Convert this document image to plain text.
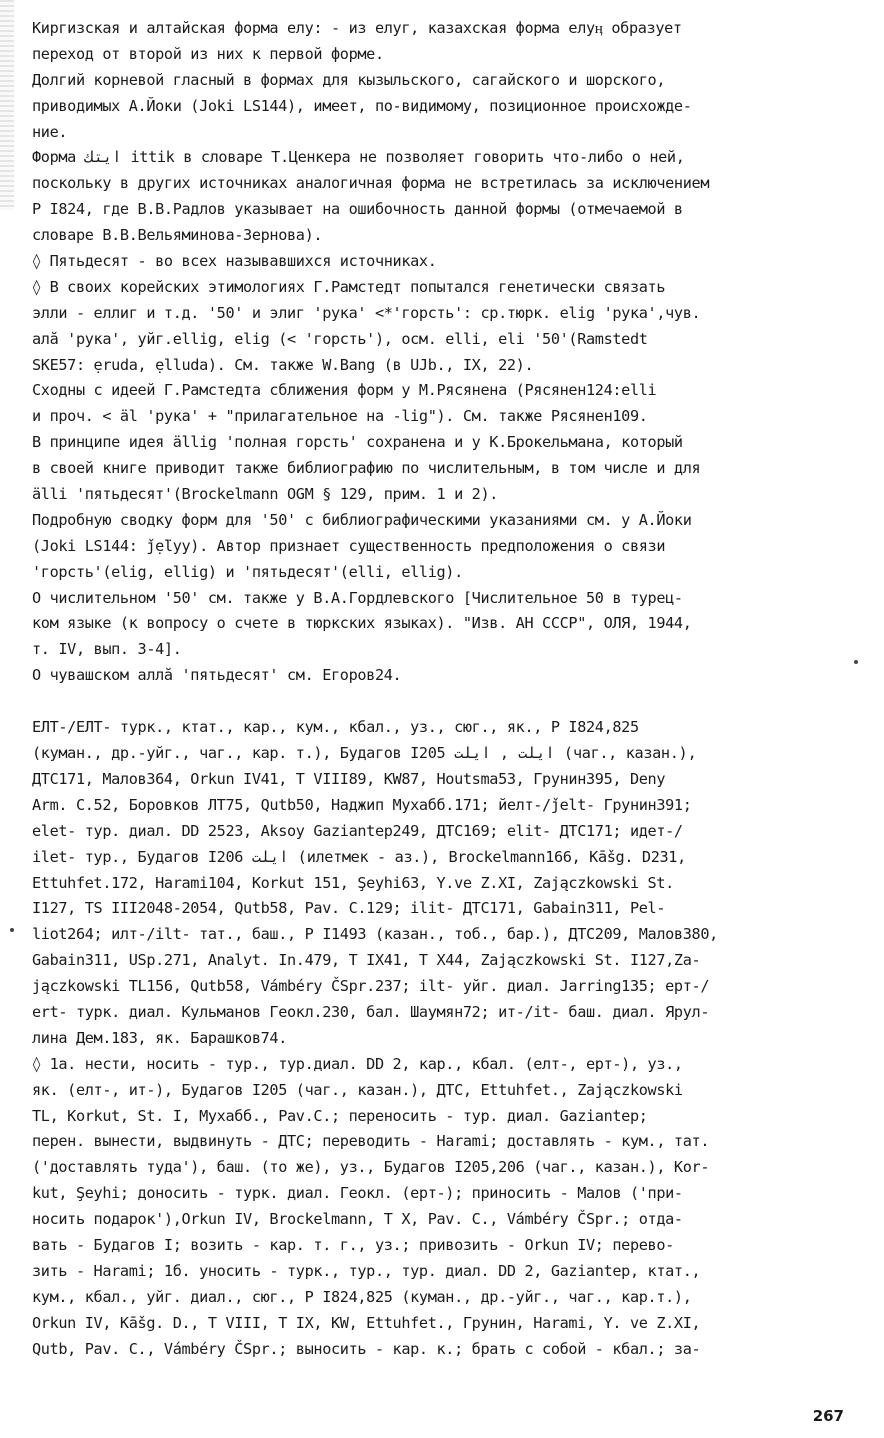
Киргизская и алтайская форма елу: - из елуг, казахская форма елуӊ образует
переход от второй из них к первой форме.
Долгий корневой гласный в формах для кызыльского, сагайского и шорского,
приводимых А.Йоки (Joki LS144), имеет, по-видимому, позиционное происхожде-
ние.
Форма ايتك ittik в словаре Т.Ценкера не позволяет говорить что-либо о ней,
поскольку в других источниках аналогичная форма не встретилась за исключением
Р I824, где В.В.Радлов указывает на ошибочность данной формы (отмечаемой в
словаре В.В.Вельяминова-Зернова).
◊ Пятьдесят - во всех называвшихся источниках.
◊ В своих корейских этимологиях Г.Рамстедт попытался генетически связать
элли - еллиг и т.д. '50' и элиг 'рука' <*'горсть': ср.тюрк. elig 'рука',чув.
алă 'рука', уйг.ellig, elig (< 'горсть'), осм. elli, eli '50'(Ramstedt
SKE57: ẹruda, ẹlluda). См. также W.Bang (в UJb., IX, 22).
Сходны с идеей Г.Рамстедта сближения форм у М.Рясянена (Рясянен124:elli
и проч. < äl 'рука' + "прилагательное на -lig"). См. также Рясянен109.
В принципе идея ällig 'полная горсть' сохранена и у К.Брокельмана, который
в своей книге приводит также библиографию по числительным, в том числе и для
älli 'пятьдесят'(Brockelmann OGM § 129, прим. 1 и 2).
Подробную сводку форм для '50' с библиографическими указаниями см. у А.Йоки
(Joki LS144: ǰẹ̈lyy). Автор признает существенность предположения о связи
'горсть'(elig, ellig) и 'пятьдесят'(elli, ellig).
О числительном '50' см. также у В.А.Гордлевского [Числительное 50 в турец-
ком языке (к вопросу о счете в тюркских языках). "Изв. АН СССР", ОЛЯ, 1944,
т. IV, вып. 3-4].
О чувашском аллă 'пятьдесят' см. Егоров24.
ЕЛТ-/EЛТ- турк., ктат., кар., кум., кбал., уз., сюг., як., Р I824,825
(куман., др.-уйг., чаг., кар. т.), Будагов I205 ايلت , ايلت (чаг., казан.),
ДТС171, Малов364, Orkun IV41, T VIII89, KW87, Houtsma53, Грунин395, Deny
Arm. C.52, Боровков ЛТ75, Qutb50, Наджип Мухабб.171; йелт-/ǰelt- Грунин391;
elet- тур. диал. DD 2523, Aksoy Gaziantep249, ДТС169; elit- ДТС171; идет-/
ilet- тур., Будагов I206 ايلت (илетмек - аз.), Brockelmann166, Kāšg. D231,
Ettuhfet.172, Harami104, Korkut 151, Şeyhi63, Y.ve Z.XI, Zajączkowski St.
I127, TS III2048-2054, Qutb58, Pav. C.129; ilit- ДТС171, Gabain311, Pel-
liot264; илт-/ilt- тат., баш., Р I1493 (казан., тоб., бар.), ДТС209, Малов380,
Gabain311, USp.271, Analyt. In.479, T IX41, T X44, Zajączkowski St. I127,Za-
jączkowski TL156, Qutb58, Vámbéry ČSpr.237; ilt- уйг. диал. Jarring135; ерт-/
ert- турк. диал. Кульманов Геокл.230, бал. Шаумян72; ит-/it- баш. диал. Ярул-
лина Дем.183, як. Барашков74.
◊ 1а. нести, носить - тур., тур.диал. DD 2, кар., кбал. (елт-, ерт-), уз.,
як. (елт-, ит-), Будагов I205 (чаг., казан.), ДТС, Ettuhfet., Zajączkowski
TL, Korkut, St. I, Мухабб., Pav.C.; переносить - тур. диал. Gaziantep;
перен. вынести, выдвинуть - ДТС; переводить - Harami; доставлять - кум., тат.
('доставлять туда'), баш. (то же), уз., Будагов I205,206 (чаг., казан.), Kor-
kut, Şeyhi; доносить - турк. диал. Геокл. (ерт-); приносить - Малов ('при-
носить подарок'),Orkun IV, Brockelmann, T X, Pav. C., Vámbéry ČSpr.; отда-
вать - Будагов I; возить - кар. т. г., уз.; привозить - Orkun IV; перево-
зить - Harami; 1б. уносить - турк., тур., тур. диал. DD 2, Gaziantep, ктат.,
кум., кбал., уйг. диал., сюг., Р I824,825 (куман., др.-уйг., чаг., кар.т.),
Orkun IV, Kāšg. D., T VIII, T IX, KW, Ettuhfet., Грунин, Harami, Y. ve Z.XI,
Qutb, Pav. C., Vámbéry ČSpr.; выносить - кар. к.; брать с собой - кбал.; за-
267
